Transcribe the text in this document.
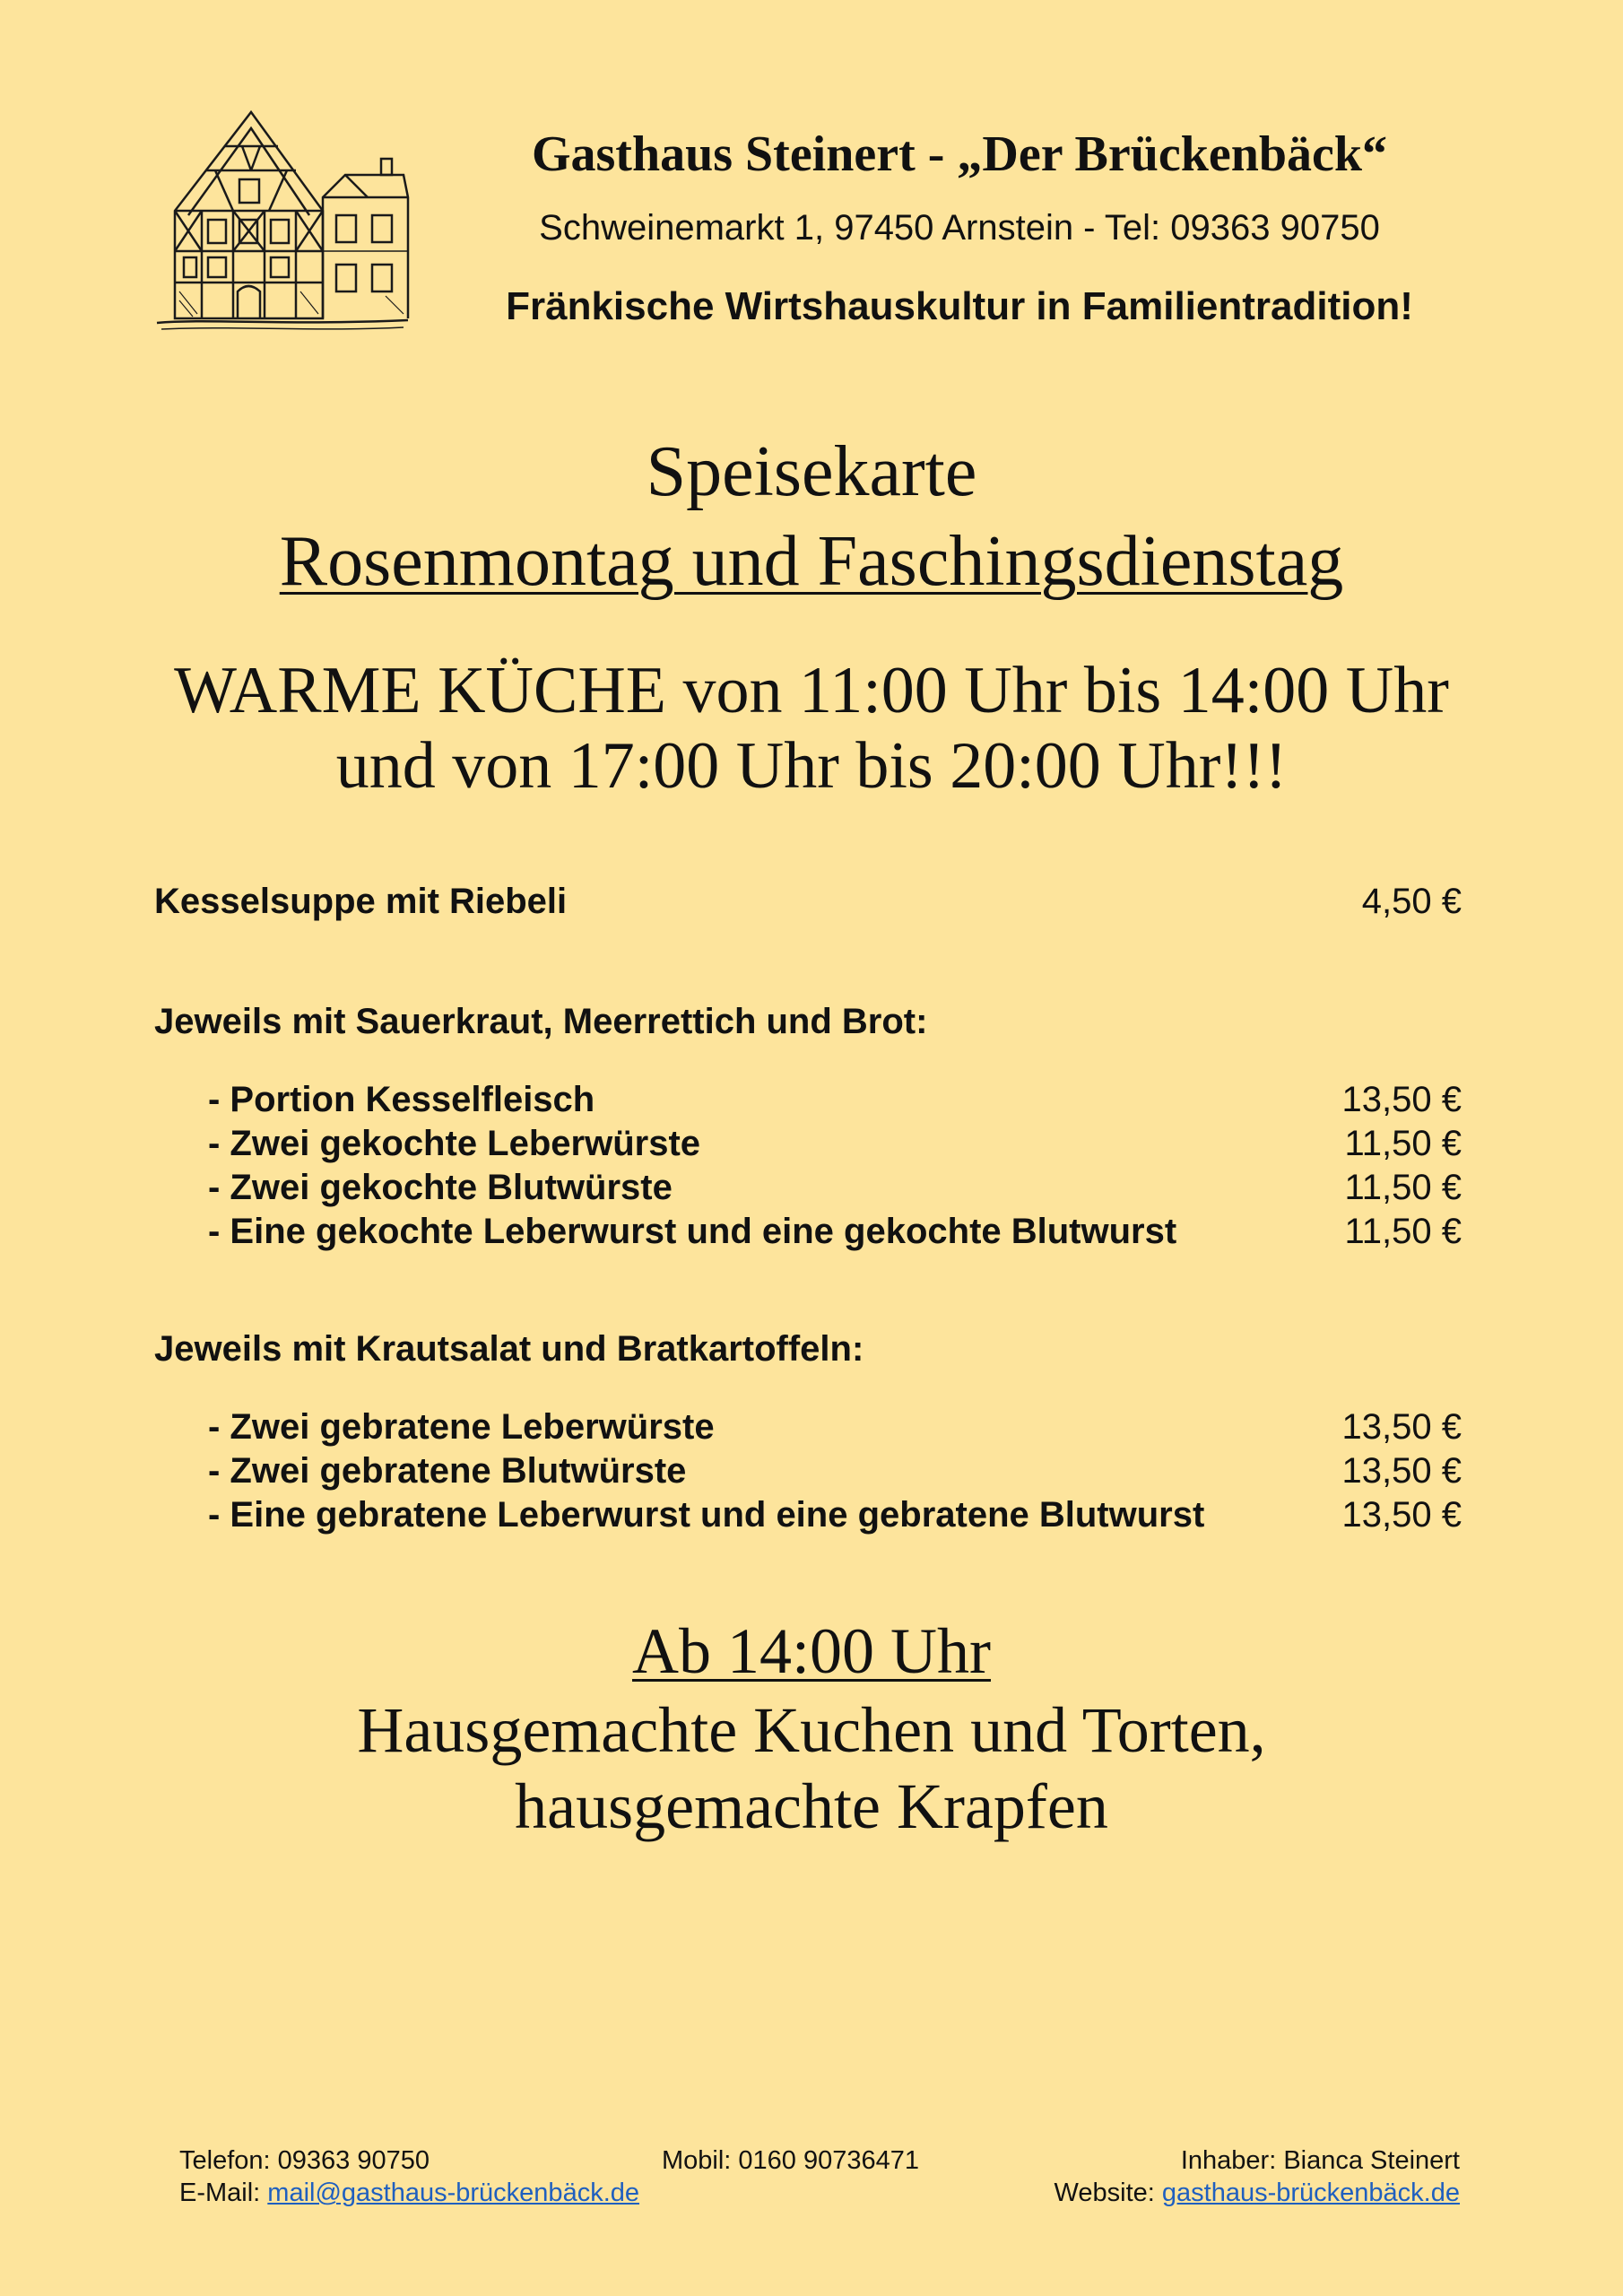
Gasthaus Steinert - „Der Brückenbäck“
Schweinemarkt 1, 97450 Arnstein - Tel: 09363 90750
Fränkische Wirtshauskultur in Familientradition!
Speisekarte
Rosenmontag und Faschingsdienstag
WARME KÜCHE von 11:00 Uhr bis 14:00 Uhr
und von 17:00 Uhr bis 20:00 Uhr!!!
Kesselsuppe mit Riebeli	4,50 €
Jeweils mit Sauerkraut, Meerrettich und Brot:
- Portion Kesselfleisch	13,50 €
- Zwei gekochte Leberwürste	11,50 €
- Zwei gekochte Blutwürste	11,50 €
- Eine gekochte Leberwurst und eine gekochte Blutwurst	11,50 €
Jeweils mit Krautsalat und Bratkartoffeln:
- Zwei gebratene Leberwürste	13,50 €
- Zwei gebratene Blutwürste	13,50 €
- Eine gebratene Leberwurst und eine gebratene Blutwurst	13,50 €
Ab 14:00 Uhr
Hausgemachte Kuchen und Torten,
hausgemachte Krapfen
Telefon: 09363 90750	Mobil: 0160 90736471	Inhaber: Bianca Steinert
E-Mail: mail@gasthaus-brückenbäck.de	Website: gasthaus-brückenbäck.de
